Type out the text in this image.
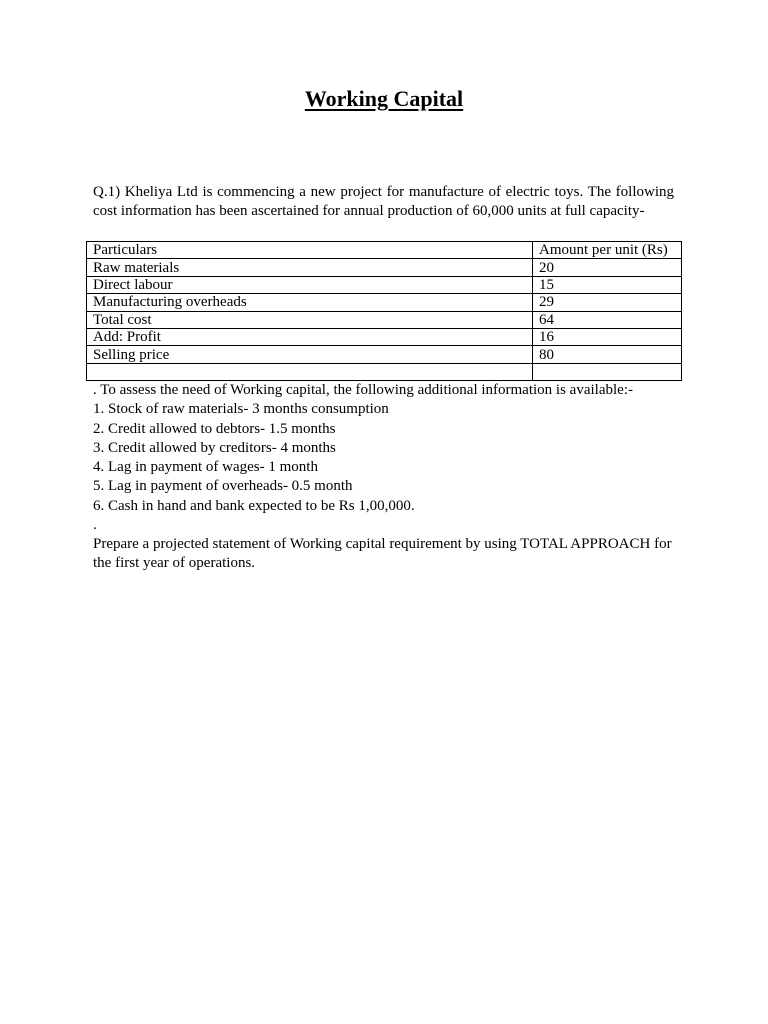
Working Capital
Q.1) Kheliya Ltd is commencing a new project for manufacture of electric toys. The following cost information has been ascertained for annual production of 60,000 units at full capacity-
Particulars	Amount per unit (Rs)
Raw materials	20
Direct labour	15
Manufacturing overheads	29
Total cost	64
Add: Profit	16
Selling price	80

. To assess the need of Working capital, the following additional information is available:-
1. Stock of raw materials- 3 months consumption
2. Credit allowed to debtors- 1.5 months
3. Credit allowed by creditors- 4 months
4. Lag in payment of wages- 1 month
5. Lag in payment of overheads- 0.5 month
6. Cash in hand and bank expected to be Rs 1,00,000.
.
Prepare a projected statement of Working capital requirement by using TOTAL APPROACH for the first year of operations.
